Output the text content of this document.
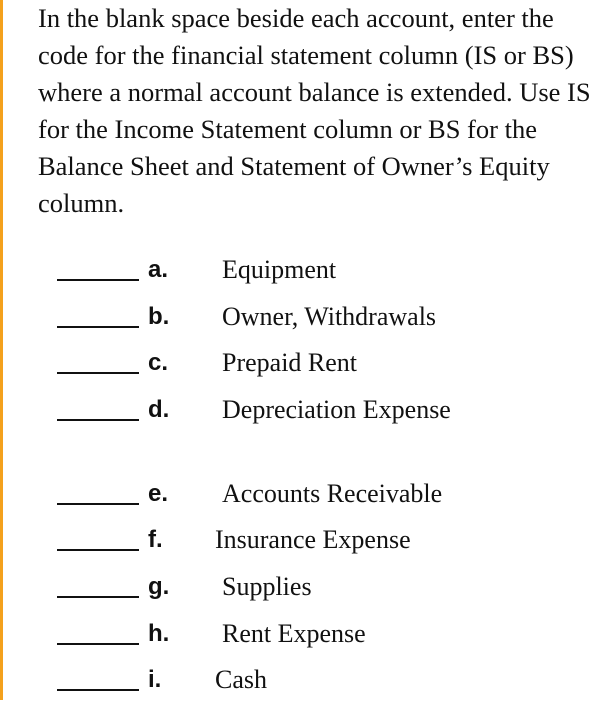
In the blank space beside each account, enter the code for the financial statement column (IS or BS) where a normal account balance is extended. Use IS for the Income Statement column or BS for the Balance Sheet and Statement of Owner’s Equity column.
a. Equipment
b. Owner, Withdrawals
c. Prepaid Rent
d. Depreciation Expense
e. Accounts Receivable
f. Insurance Expense
g. Supplies
h. Rent Expense
i. Cash
